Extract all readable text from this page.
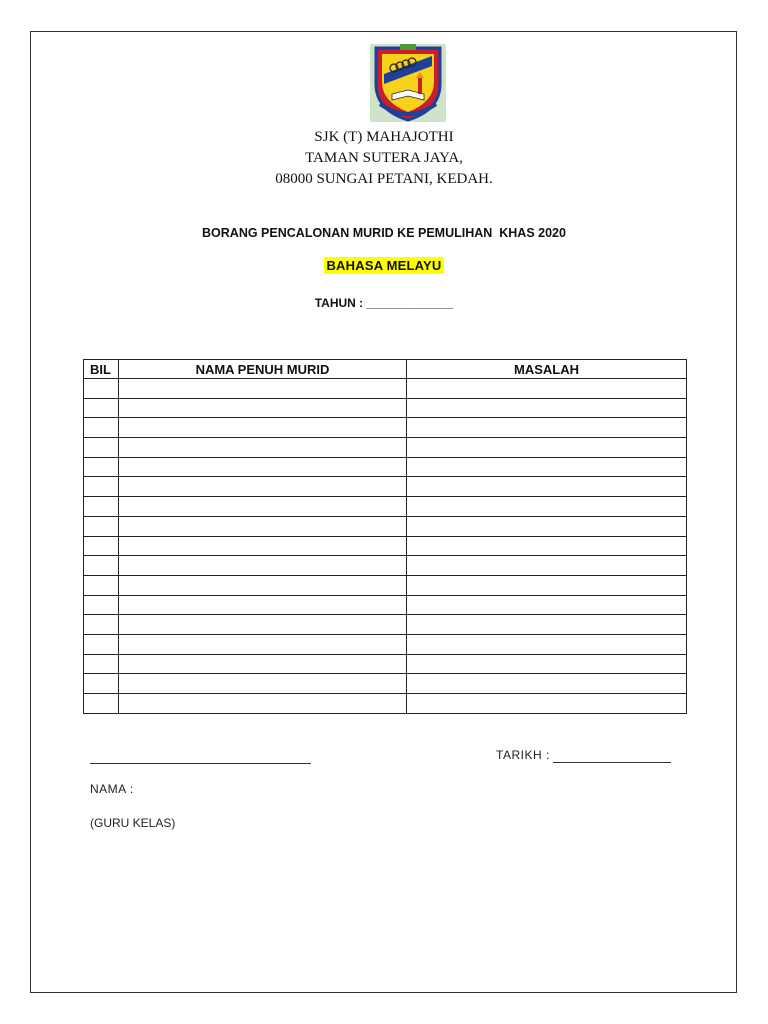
SJK (T) MAHAJOTHI
TAMAN SUTERA JAYA,
08000 SUNGAI PETANI, KEDAH.
BORANG PENCALONAN MURID KE PEMULIHAN  KHAS 2020
BAHASA MELAYU
TAHUN : _____________
BIL	NAMA PENUH MURID	MASALAH

TARIKH :
NAMA :
(GURU KELAS)
